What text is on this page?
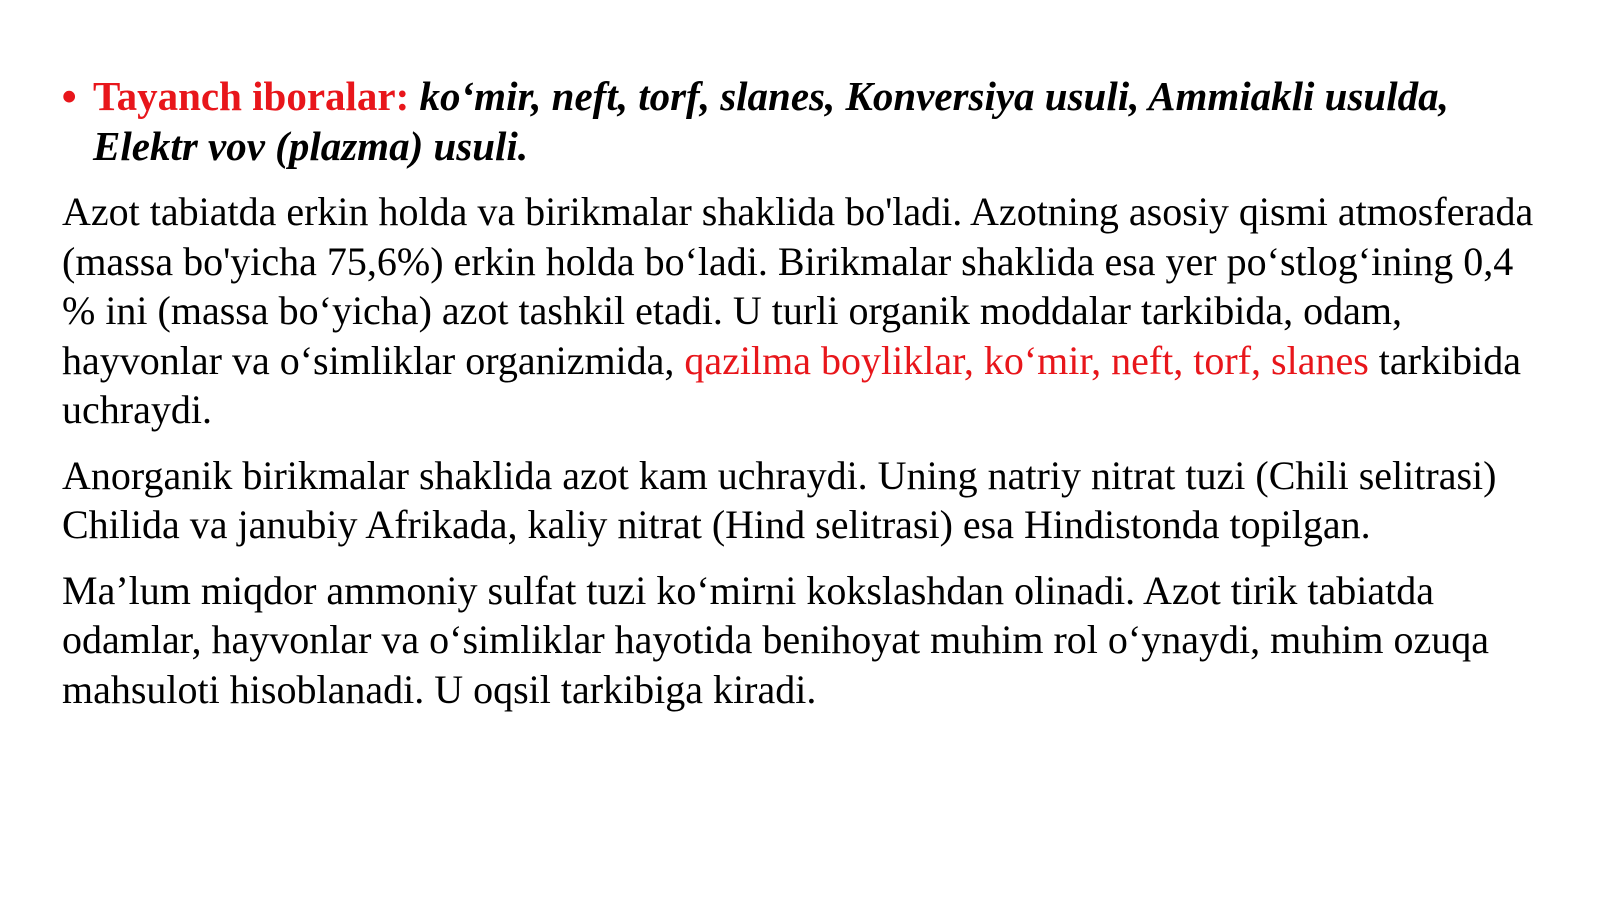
• Tayanch iboralar: ko‘mir, neft, torf, slanes, Konversiya usuli, Ammiakli usulda, Elektr vov (plazma) usuli.

Azot tabiatda erkin holda va birikmalar shaklida bo'ladi. Azotning asosiy qismi atmosferada (massa bo'yicha 75,6%) erkin holda bo‘ladi. Birikmalar shaklida esa yer po‘stlog‘ining 0,4 % ini (massa bo‘yicha) azot tashkil etadi. U turli organik moddalar tarkibida, odam, hayvonlar va o‘simliklar organizmida, qazilma boyliklar, ko‘mir, neft, torf, slanes tarkibida uchraydi.

Anorganik birikmalar shaklida azot kam uchraydi. Uning natriy nitrat tuzi (Chili selitrasi) Chilida va janubiy Afrikada, kaliy nitrat (Hind selitrasi) esa Hindistonda topilgan.

Ma’lum miqdor ammoniy sulfat tuzi ko‘mirni kokslashdan olinadi. Azot tirik tabiatda odamlar, hayvonlar va o‘simliklar hayotida benihoyat muhim rol o‘ynaydi, muhim ozuqa mahsuloti hisoblanadi. U oqsil tarkibiga kiradi.
